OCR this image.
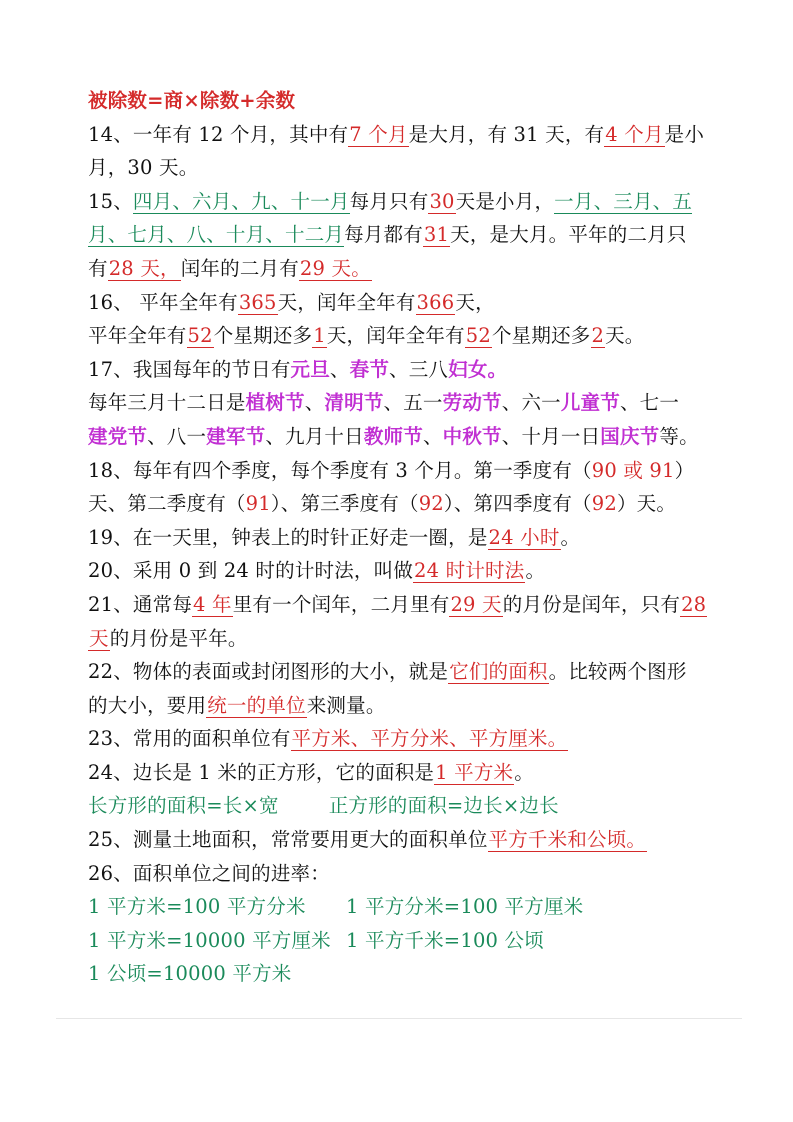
被除数=商×除数+余数
14、一年有 12 个月，其中有7 个月是大月，有 31 天，有4 个月是小
月，30 天。
15、四月、六月、九、十一月每月只有30天是小月，一月、三月、五
月、七月、八、十月、十二月每月都有31天，是大月。平年的二月只
有28 天，闰年的二月有29 天。
16、 平年全年有365天，闰年全年有366天，
平年全年有52个星期还多1天，闰年全年有52个星期还多2天。
17、我国每年的节日有元旦、春节、三八妇女。
每年三月十二日是植树节、清明节、五一劳动节、六一儿童节、七一
建党节、八一建军节、九月十日教师节、中秋节、十月一日国庆节等。
18、每年有四个季度，每个季度有 3 个月。第一季度有（90 或 91）
天、第二季度有（91）、第三季度有（92）、第四季度有（92）天。
19、在一天里，钟表上的时针正好走一圈，是24 小时。
20、采用 0 到 24 时的计时法，叫做24 时计时法。
21、通常每4 年里有一个闰年，二月里有29 天的月份是闰年，只有28
天的月份是平年。
22、物体的表面或封闭图形的大小，就是它们的面积。比较两个图形
的大小，要用统一的单位来测量。
23、常用的面积单位有平方米、平方分米、平方厘米。
24、边长是 1 米的正方形，它的面积是1 平方米。
长方形的面积=长×宽	正方形的面积=边长×边长
25、测量土地面积，常常要用更大的面积单位平方千米和公顷。
26、面积单位之间的进率：
1 平方米=100 平方分米 1 平方分米=100 平方厘米
1 平方米=10000 平方厘米 1 平方千米=100 公顷
1 公顷=10000 平方米
